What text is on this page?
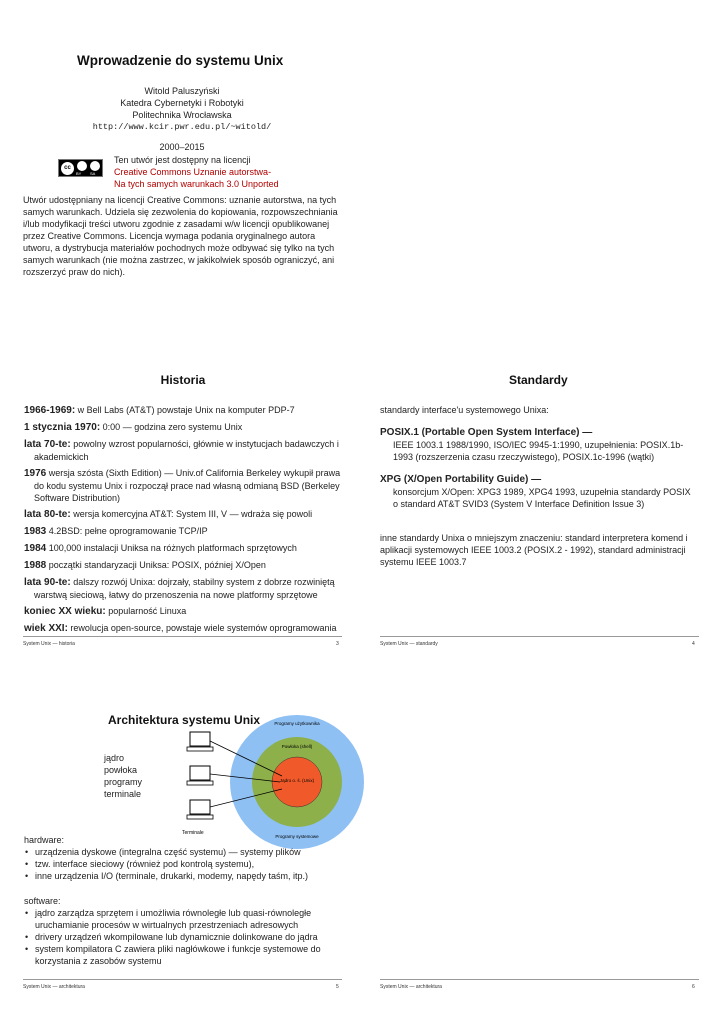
Wprowadzenie do systemu Unix
Witold Paluszyński
Katedra Cybernetyki i Robotyki
Politechnika Wrocławska
http://www.kcir.pwr.edu.pl/~witold/
2000–2015
cc
BY SA
Ten utwór jest dostępny na licencji
Creative Commons Uznanie autorstwa-
Na tych samych warunkach 3.0 Unported
Utwór udostępniany na licencji Creative Commons: uznanie autorstwa, na tych
samych warunkach. Udziela się zezwolenia do kopiowania, rozpowszechniania
i/lub modyfikacji treści utworu zgodnie z zasadami w/w licencji opublikowanej
przez Creative Commons. Licencja wymaga podania oryginalnego autora
utworu, a dystrybucja materiałów pochodnych może odbywać się tylko na tych
samych warunkach (nie można zastrzec, w jakikolwiek sposób ograniczyć, ani
rozszerzyć praw do nich).
Historia

1966-1969: w Bell Labs (AT&T) powstaje Unix na komputer PDP-7

1 stycznia 1970: 0:00 — godzina zero systemu Unix

lata 70-te: powolny wzrost popularności, głównie w instytucjach badawczych i akademickich

1976 wersja szósta (Sixth Edition) — Univ.of California Berkeley wykupił prawa do kodu systemu Unix i rozpoczął prace nad własną odmianą BSD (Berkeley Software Distribution)

lata 80-te: wersja komercyjna AT&T: System III, V — wdraża się powoli

1983 4.2BSD: pełne oprogramowanie TCP/IP

1984 100,000 instalacji Uniksa na różnych platformach sprzętowych

1988 początki standaryzacji Uniksa: POSIX, później X/Open

lata 90-te: dalszy rozwój Unixa: dojrzały, stabilny system z dobrze rozwiniętą warstwą sieciową, łatwy do przenoszenia na nowe platformy sprzętowe

koniec XX wieku: popularność Linuxa

wiek XXI: rewolucja open-source, powstaje wiele systemów oprogramowania

System Unix — historia	3
Standardy
standardy interface'u systemowego Unixa:
POSIX.1 (Portable Open System Interface) —
IEEE 1003.1 1988/1990, ISO/IEC 9945-1:1990, uzupełnienia: POSIX.1b-1993 (rozszerzenia czasu rzeczywistego), POSIX.1c-1996 (wątki)
XPG (X/Open Portability Guide) —
konsorcjum X/Open: XPG3 1989, XPG4 1993, uzupełnia standardy POSIX o standard AT&T SVID3 (System V Interface Definition Issue 3)
inne standardy Unixa o mniejszym znaczeniu: standard interpretera komend i aplikacji systemowych IEEE 1003.2 (POSIX.2 - 1992), standard administracji systemu IEEE 1003.7
System Unix — standardy	4
Architektura systemu Unix	Programy użytkownika
Powłoka (shell)
Jądro o. ś. (Unix)
Programy systemowe
Terminale
jądro
powłoka
programy
terminale
hardware:
• urządzenia dyskowe (integralna część systemu) — systemy plików
• tzw. interface sieciowy (również pod kontrolą systemu),
• inne urządzenia I/O (terminale, drukarki, modemy, napędy taśm, itp.)
software:
• jądro zarządza sprzętem i umożliwia równoległe lub quasi-równoległe uruchamianie procesów w wirtualnych przestrzeniach adresowych
• drivery urządzeń wkompilowane lub dynamicznie dolinkowane do jądra
• system kompilatora C zawiera pliki nagłówkowe i funkcje systemowe do korzystania z zasobów systemu
System Unix — architektura	5	System Unix — architektura	6
